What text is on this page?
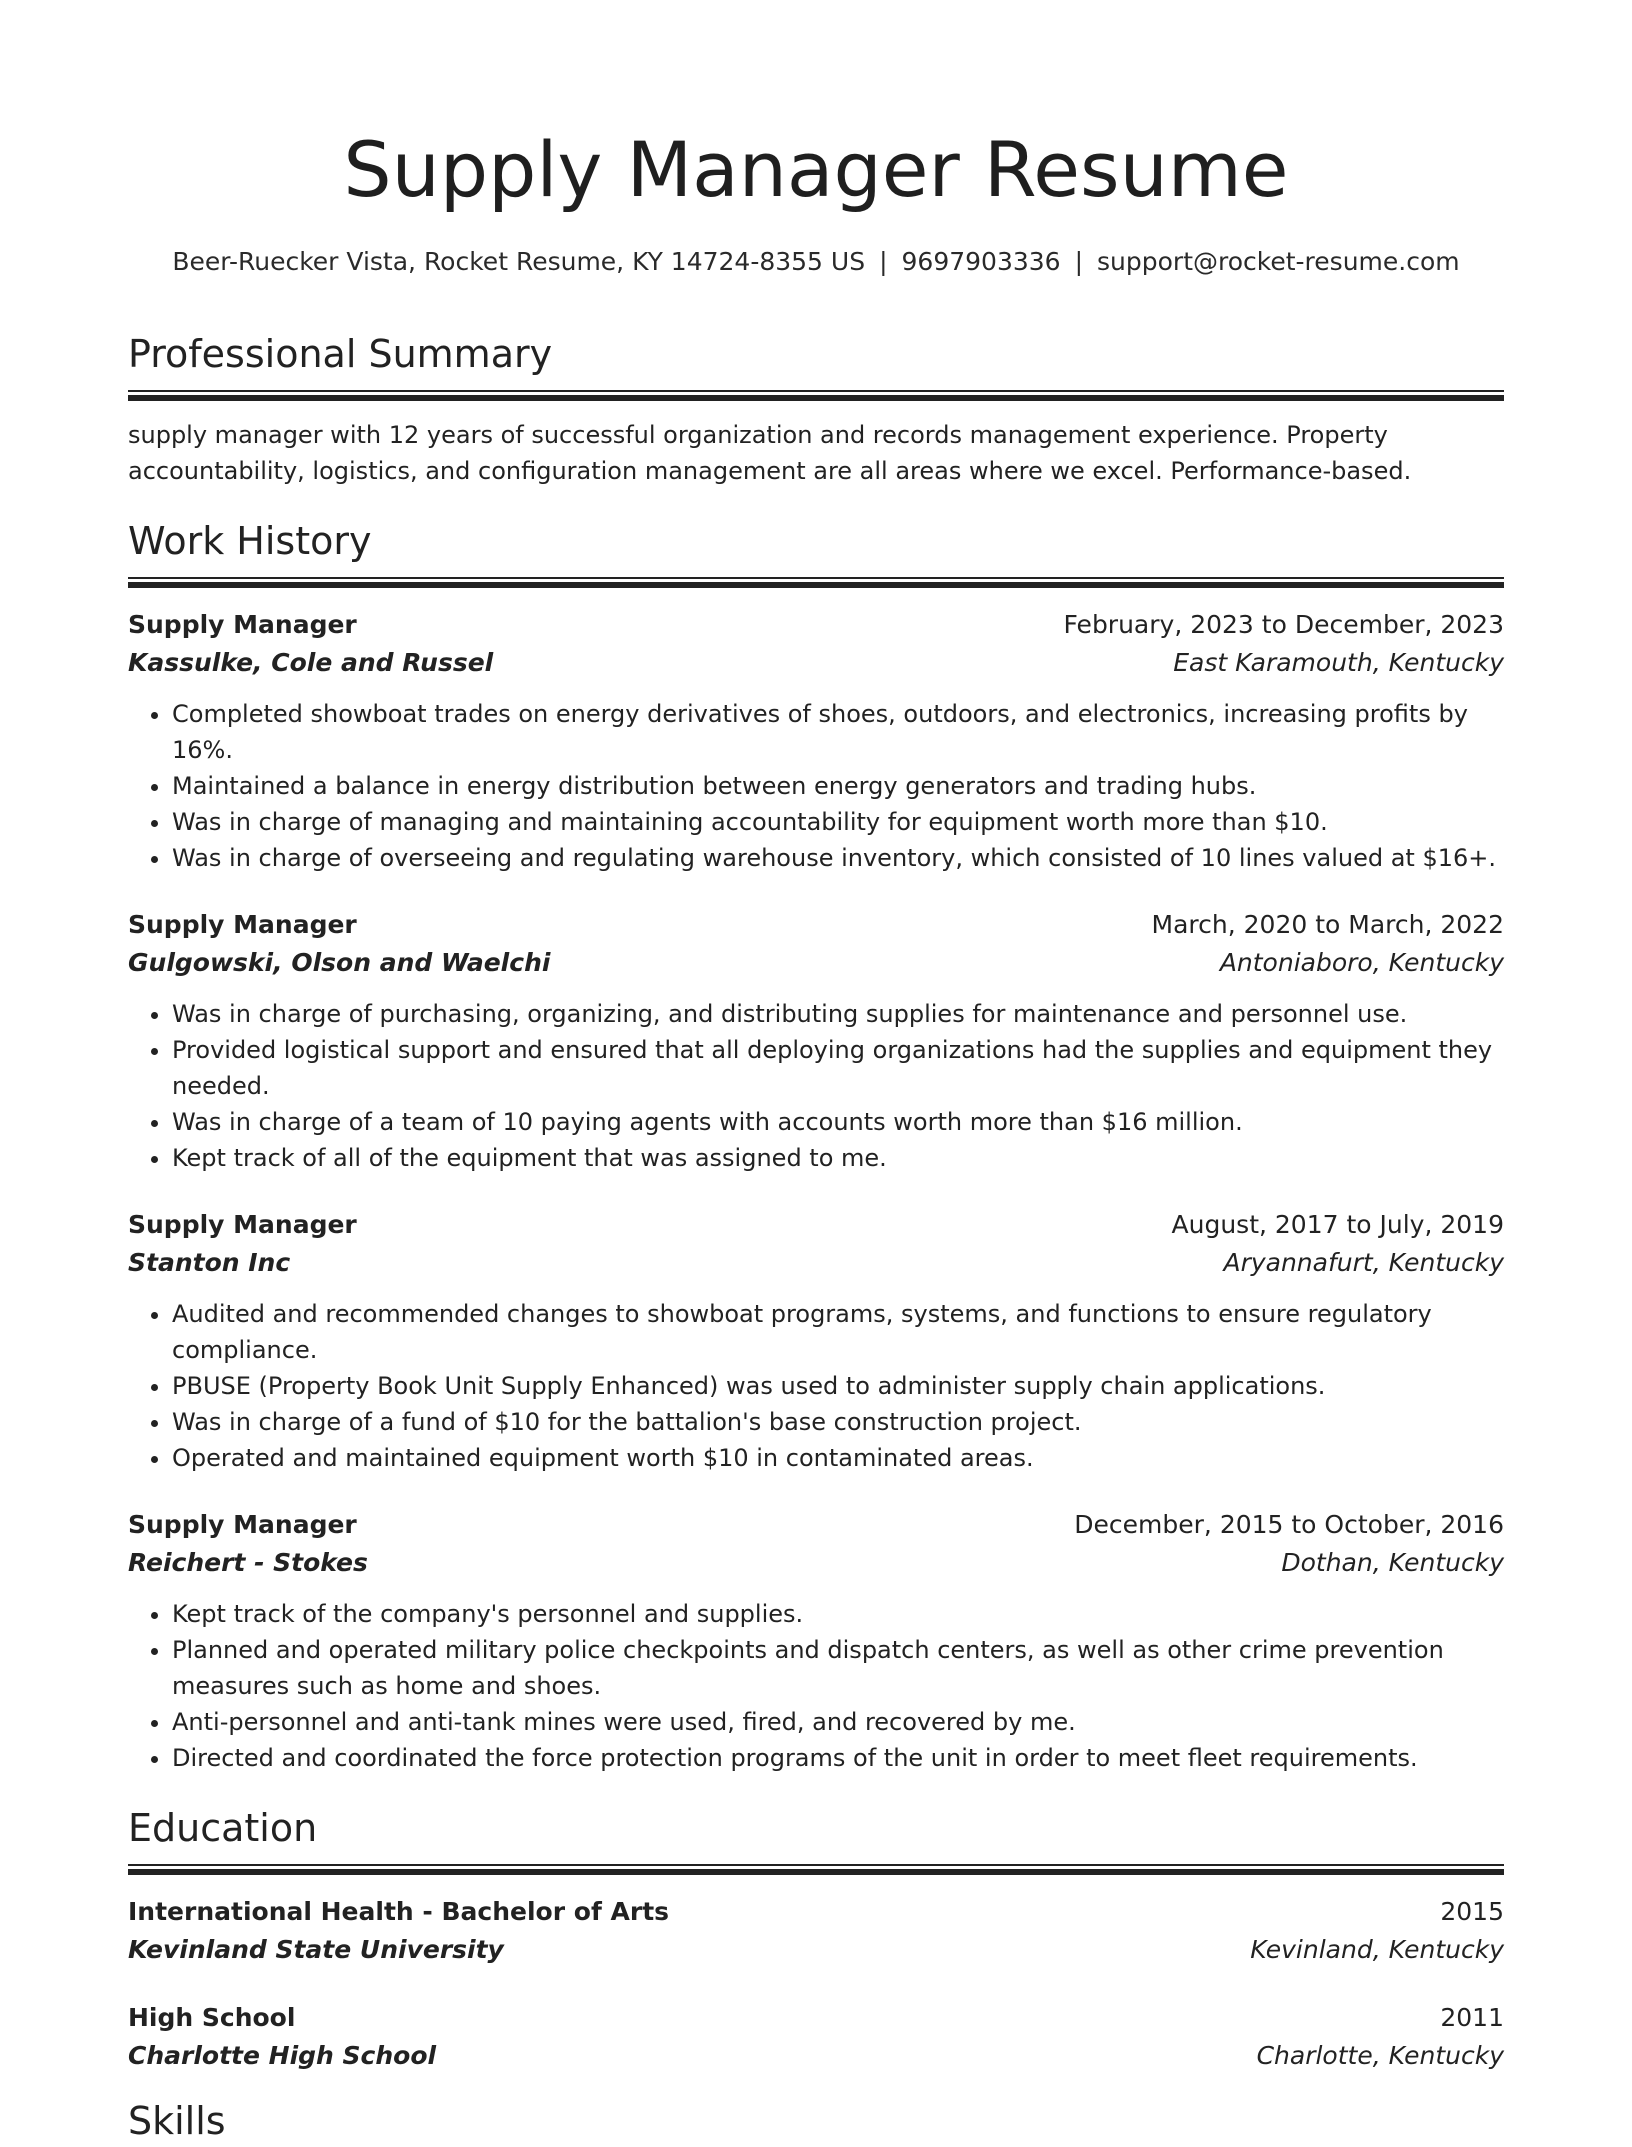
Supply Manager Resume
Beer-Ruecker Vista, Rocket Resume, KY 14724-8355 US | 9697903336 | support@rocket-resume.com
Professional Summary
supply manager with 12 years of successful organization and records management experience. Property accountability, logistics, and configuration management are all areas where we excel. Performance-based.
Work History
Supply Manager	February, 2023 to December, 2023
Kassulke, Cole and Russel	East Karamouth, Kentucky
• Completed showboat trades on energy derivatives of shoes, outdoors, and electronics, increasing profits by 16%.
• Maintained a balance in energy distribution between energy generators and trading hubs.
• Was in charge of managing and maintaining accountability for equipment worth more than $10.
• Was in charge of overseeing and regulating warehouse inventory, which consisted of 10 lines valued at $16+.
Supply Manager	March, 2020 to March, 2022
Gulgowski, Olson and Waelchi	Antoniaboro, Kentucky
• Was in charge of purchasing, organizing, and distributing supplies for maintenance and personnel use.
• Provided logistical support and ensured that all deploying organizations had the supplies and equipment they needed.
• Was in charge of a team of 10 paying agents with accounts worth more than $16 million.
• Kept track of all of the equipment that was assigned to me.
Supply Manager	August, 2017 to July, 2019
Stanton Inc	Aryannafurt, Kentucky
• Audited and recommended changes to showboat programs, systems, and functions to ensure regulatory compliance.
• PBUSE (Property Book Unit Supply Enhanced) was used to administer supply chain applications.
• Was in charge of a fund of $10 for the battalion's base construction project.
• Operated and maintained equipment worth $10 in contaminated areas.
Supply Manager	December, 2015 to October, 2016
Reichert - Stokes	Dothan, Kentucky
• Kept track of the company's personnel and supplies.
• Planned and operated military police checkpoints and dispatch centers, as well as other crime prevention measures such as home and shoes.
• Anti-personnel and anti-tank mines were used, fired, and recovered by me.
• Directed and coordinated the force protection programs of the unit in order to meet fleet requirements.
Education
International Health - Bachelor of Arts	2015
Kevinland State University	Kevinland, Kentucky
High School	2011
Charlotte High School	Charlotte, Kentucky
Skills
